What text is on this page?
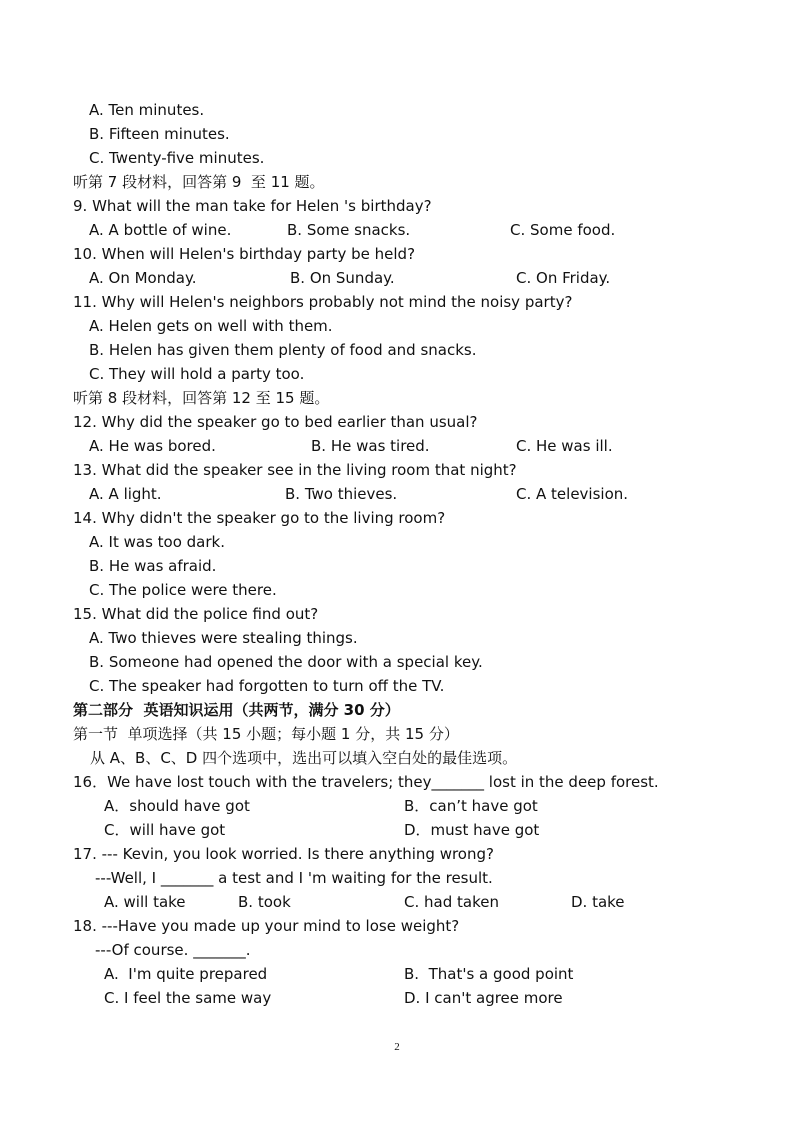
A. Ten minutes.
B. Fifteen minutes.
C. Twenty-five minutes.
听第 7 段材料，回答第 9  至 11 题。
9. What will the man take for Helen 's birthday?
A. A bottle of wine.	B. Some snacks.	C. Some food.
10. When will Helen's birthday party be held?
A. On Monday.	B. On Sunday.	C. On Friday.
11. Why will Helen's neighbors probably not mind the noisy party?
A. Helen gets on well with them.
B. Helen has given them plenty of food and snacks.
C. They will hold a party too.
听第 8 段材料，回答第 12 至 15 题。
12. Why did the speaker go to bed earlier than usual?
A. He was bored.	B. He was tired.	C. He was ill.
13. What did the speaker see in the living room that night?
A. A light.	B. Two thieves.	C. A television.
14. Why didn't the speaker go to the living room?
A. It was too dark.
B. He was afraid.
C. The police were there.
15. What did the police find out?
A. Two thieves were stealing things.
B. Someone had opened the door with a special key.
C. The speaker had forgotten to turn off the TV.
第二部分  英语知识运用（共两节，满分 30 分）
第一节  单项选择（共 15 小题；每小题 1 分，共 15 分）
从 A、B、C、D 四个选项中，选出可以填入空白处的最佳选项。
16．We have lost touch with the travelers; they_______ lost in the deep forest.
A．should have got	B．can’t have got
C．will have got	D．must have got
17. --- Kevin, you look worried. Is there anything wrong?
---Well, I _______ a test and I 'm waiting for the result.
A. will take	B. took	C. had taken	D. take
18. ---Have you made up your mind to lose weight?
---Of course. _______.
A.  I'm quite prepared	B.  That's a good point
C. I feel the same way	D. I can't agree more
2
